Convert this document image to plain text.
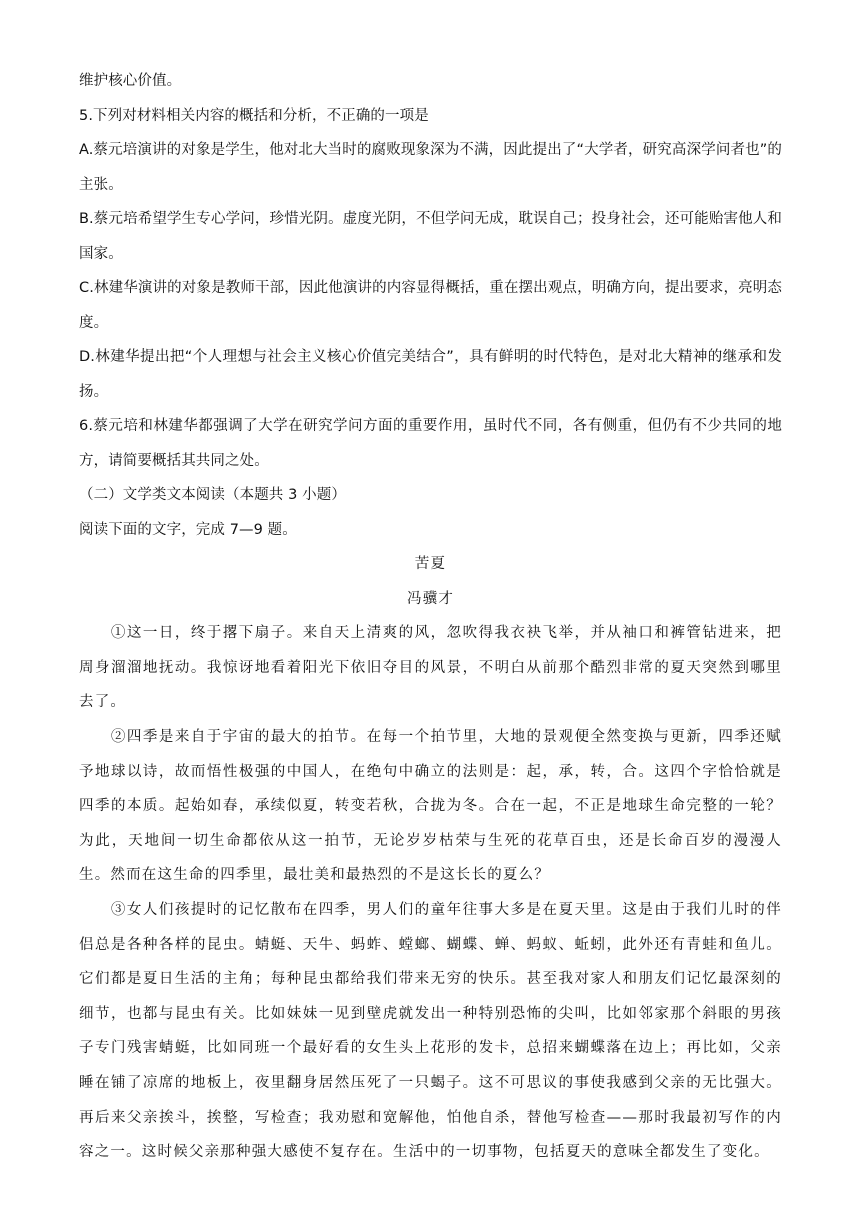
维护核心价值。

5.下列对材料相关内容的概括和分析，不正确的一项是

A.蔡元培演讲的对象是学生，他对北大当时的腐败现象深为不满，因此提出了“大学者，研究高深学问者也”的主张。

B.蔡元培希望学生专心学问，珍惜光阴。虚度光阴，不但学问无成，耽误自己；投身社会，还可能贻害他人和国家。

C.林建华演讲的对象是教师干部，因此他演讲的内容显得概括，重在摆出观点，明确方向，提出要求，亮明态度。

D.林建华提出把“个人理想与社会主义核心价值完美结合”，具有鲜明的时代特色，是对北大精神的继承和发扬。

6.蔡元培和林建华都强调了大学在研究学问方面的重要作用，虽时代不同，各有侧重，但仍有不少共同的地方，请简要概括其共同之处。

（二）文学类文本阅读（本题共 3 小题）

阅读下面的文字，完成 7—9 题。

苦夏

冯骥才

①这一日，终于撂下扇子。来自天上清爽的风，忽吹得我衣袂飞举，并从袖口和裤管钻进来，把周身溜溜地抚动。我惊讶地看着阳光下依旧夺目的风景，不明白从前那个酷烈非常的夏天突然到哪里去了。

②四季是来自于宇宙的最大的拍节。在每一个拍节里，大地的景观便全然变换与更新，四季还赋予地球以诗，故而悟性极强的中国人，在绝句中确立的法则是：起，承，转，合。这四个字恰恰就是四季的本质。起始如春，承续似夏，转变若秋，合拢为冬。合在一起，不正是地球生命完整的一轮？为此，天地间一切生命都依从这一拍节，无论岁岁枯荣与生死的花草百虫，还是长命百岁的漫漫人生。然而在这生命的四季里，最壮美和最热烈的不是这长长的夏么？

③女人们孩提时的记忆散布在四季，男人们的童年往事大多是在夏天里。这是由于我们儿时的伴侣总是各种各样的昆虫。蜻蜓、天牛、蚂蚱、螳螂、蝴蝶、蝉、蚂蚁、蚯蚓，此外还有青蛙和鱼儿。它们都是夏日生活的主角；每种昆虫都给我们带来无穷的快乐。甚至我对家人和朋友们记忆最深刻的细节，也都与昆虫有关。比如妹妹一见到壁虎就发出一种特别恐怖的尖叫，比如邻家那个斜眼的男孩子专门残害蜻蜓，比如同班一个最好看的女生头上花形的发卡，总招来蝴蝶落在边上；再比如，父亲睡在铺了凉席的地板上，夜里翻身居然压死了一只蝎子。这不可思议的事使我感到父亲的无比强大。再后来父亲挨斗，挨整，写检查；我劝慰和宽解他，怕他自杀，替他写检查——那时我最初写作的内容之一。这时候父亲那种强大感使不复存在。生活中的一切事物，包括夏天的意味全都发生了变化。
